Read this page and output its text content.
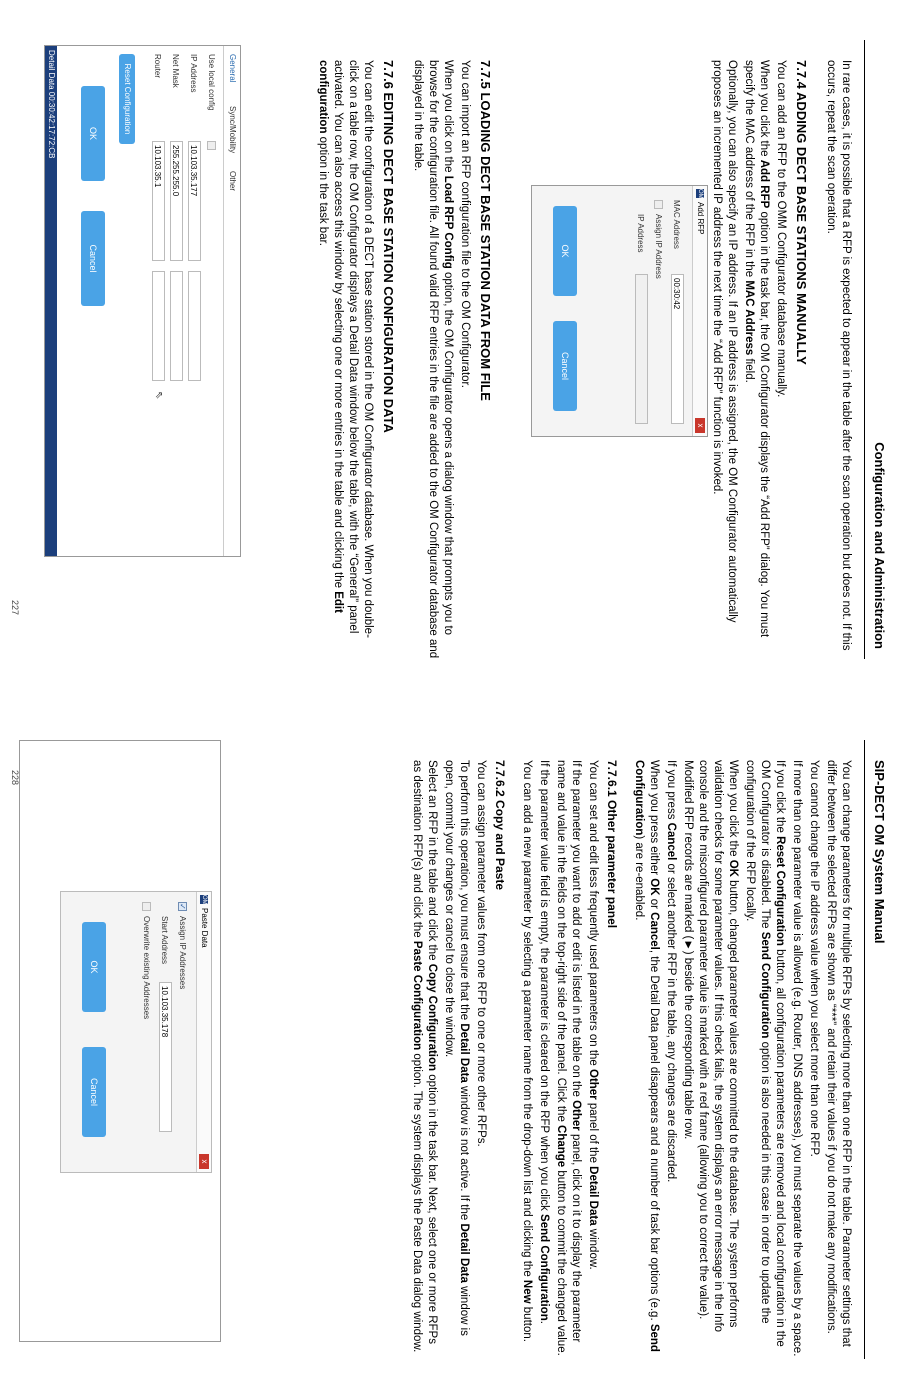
Configuration and Administration

In rare cases, it is possible that a RFP is expected to appear in the table after the scan operation but does not. If this occurs, repeat the scan operation.

7.7.4 ADDING DECT BASE STATIONS MANUALLY

You can add an RFP to the OMM Configurator database manually.

When you click the Add RFP option in the task bar, the OM Configurator displays the “Add RFP” dialog. You must specify the MAC address of the RFP in the MAC Address field.

Optionally, you can also specify an IP address. If an IP address is assigned, the OM Configurator automatically proposes an incremented IP address the next time the “Add RFP” function is invoked.

7.7.5 LOADING DECT BASE STATION DATA FROM FILE

You can import an RFP configuration file to the OM Configurator.

When you click on the Load RFP Config option, the OM Configurator opens a dialog window that prompts you to browse for the configuration file. All found valid RFP entries in the file are added to the OM Configurator database and displayed in the table.

7.7.6 EDITING DECT BASE STATION CONFIGURATION DATA

You can edit the configuration of a DECT base station stored in the OM Configurator database. When you double-click on a table row, the OM Configurator displays a Detail Data window below the table, with the “General” panel activated. You can also access this window by selecting one or more entries in the table and clicking the Edit configuration option in the task bar.	OM
Add RFP
x
MAC Address
00:30:42
Assign IP Address
IP Address
OK
Cancel
General
Sync/Mobility
Other
Use local config
IP Address
10.103.35.177
Net Mask
255.255.255.0
Router
10.103.35.1
⇖
Reset Configuration
OK
Cancel
Detail Data 00:30:42:17:72:CB
227
SIP-DECT OM System Manual

You can change parameters for multiple RFPs by selecting more than one RFP in the table. Parameter settings that differ between the selected RFPs are shown as “***” and retain their values if you do not make any modifications.

You cannot change the IP address value when you select more than one RFP.

If more than one parameter value is allowed (e.g. Router, DNS addresses), you must separate the values by a space.

If you click the Reset Configuration button, all configuration parameters are removed and local configuration in the OM Configurator is disabled. The Send Configuration option is also needed in this case in order to update the configuration of the RFP locally.

When you click the OK button, changed parameter values are committed to the database. The system performs validation checks for some parameter values. If this check fails, the system displays an error message in the Info console and the misconfigured parameter value is marked with a red frame (allowing you to correct the value). Modified RFP records are marked (►) beside the corresponding table row.

If you press Cancel or select another RFP in the table, any changes are discarded.

When you press either OK or Cancel, the Detail Data panel disappears and a number of task bar options (e.g. Send Configuration) are re-enabled.

7.7.6.1 Other parameter panel

You can set and edit less frequently used parameters on the Other panel of the Detail Data window.

If the parameter you want to add or edit is listed in the table on the Other panel, click on it to display the parameter name and value in the fields on the top-right side of the panel. Click the Change button to commit the changed value.

If the parameter value field is empty, the parameter is cleared on the RFP when you click Send Configuration.

You can add a new parameter by selecting a parameter name from the drop-down list and clicking the New button.

7.7.6.2 Copy and Paste

You can assign parameter values from one RFP to one or more other RFPs.

To perform this operation, you must ensure that the Detail Data window is not active. If the Detail Data window is open, commit your changes or cancel to close the window.

Select an RFP in the table and click the Copy Configuration option in the task bar. Next, select one or more RFPs as destination RFP(s) and click the Paste Configuration option. The system displays the Paste Data dialog window.

OM
Paste Data
x
✓
Assign IP Addresses
Start Address
10.103.35.178
Overwrite existing Addresses
OK
Cancel
228
